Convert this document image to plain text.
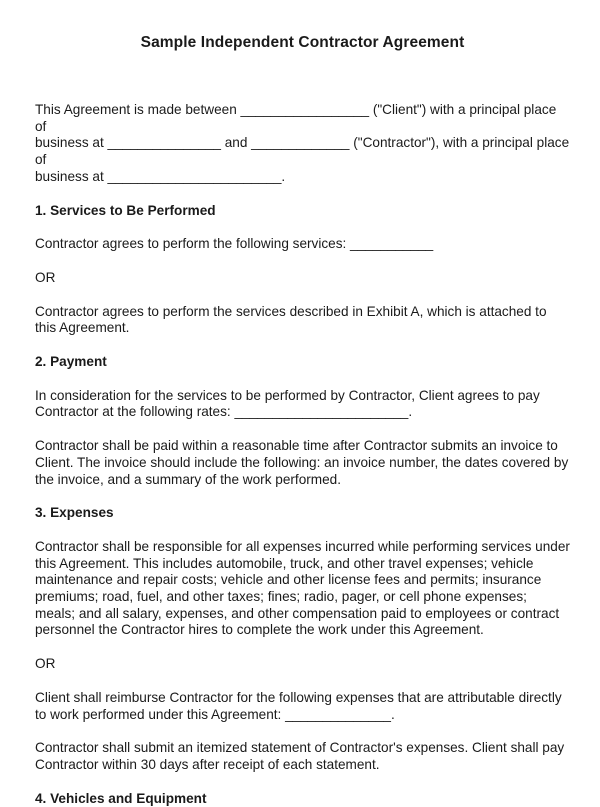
Sample Independent Contractor Agreement

This Agreement is made between _________________ ("Client") with a principal place of
business at _______________ and _____________ ("Contractor"), with a principal place of
business at _______________________.

1. Services to Be Performed

Contractor agrees to perform the following services: ___________

OR

Contractor agrees to perform the services described in Exhibit A, which is attached to this Agreement.

2. Payment

In consideration for the services to be performed by Contractor, Client agrees to pay Contractor at the following rates: _______________________.

Contractor shall be paid within a reasonable time after Contractor submits an invoice to Client. The invoice should include the following: an invoice number, the dates covered by the invoice, and a summary of the work performed.

3. Expenses

Contractor shall be responsible for all expenses incurred while performing services under this Agreement. This includes automobile, truck, and other travel expenses; vehicle maintenance and repair costs; vehicle and other license fees and permits; insurance premiums; road, fuel, and other taxes; fines; radio, pager, or cell phone expenses; meals; and all salary, expenses, and other compensation paid to employees or contract personnel the Contractor hires to complete the work under this Agreement.

OR

Client shall reimburse Contractor for the following expenses that are attributable directly to work performed under this Agreement: ______________.

Contractor shall submit an itemized statement of Contractor's expenses. Client shall pay Contractor within 30 days after receipt of each statement.

4. Vehicles and Equipment
